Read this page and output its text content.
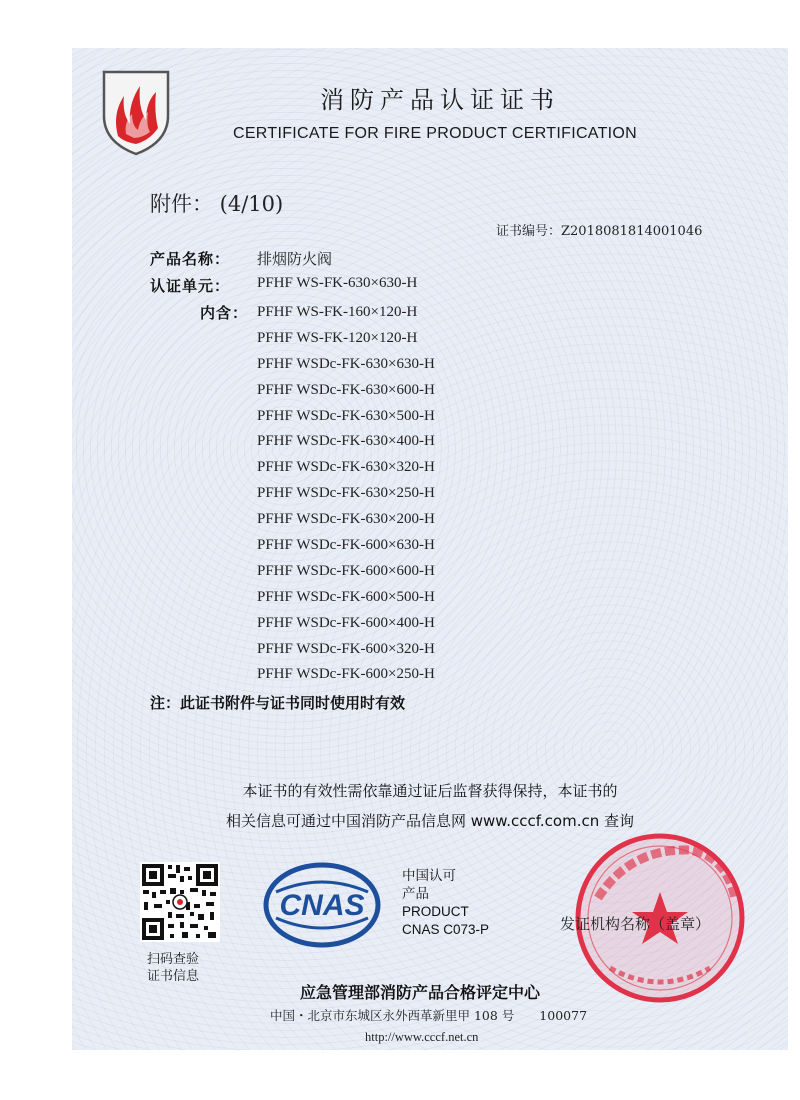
消防产品认证证书
CERTIFICATE FOR FIRE PRODUCT CERTIFICATION
附件： (4/10)
证书编号：Z2018081814001046
产品名称： 排烟防火阀
认证单元： PFHF WS-FK-630×630-H
内含： PFHF WS-FK-160×120-H
PFHF WS-FK-120×120-H
PFHF WSDc-FK-630×630-H
PFHF WSDc-FK-630×600-H
PFHF WSDc-FK-630×500-H
PFHF WSDc-FK-630×400-H
PFHF WSDc-FK-630×320-H
PFHF WSDc-FK-630×250-H
PFHF WSDc-FK-630×200-H
PFHF WSDc-FK-600×630-H
PFHF WSDc-FK-600×600-H
PFHF WSDc-FK-600×500-H
PFHF WSDc-FK-600×400-H
PFHF WSDc-FK-600×320-H
PFHF WSDc-FK-600×250-H
注：此证书附件与证书同时使用时有效
本证书的有效性需依靠通过证后监督获得保持，本证书的
相关信息可通过中国消防产品信息网 www.cccf.com.cn 查询
扫码查验
证书信息
CNAS
中国认可
产品
PRODUCT
CNAS C073-P	发证机构名称（盖章）
应急管理部消防产品合格评定中心
中国・北京市东城区永外西革新里甲 108 号　　100077
http://www.cccf.net.cn
